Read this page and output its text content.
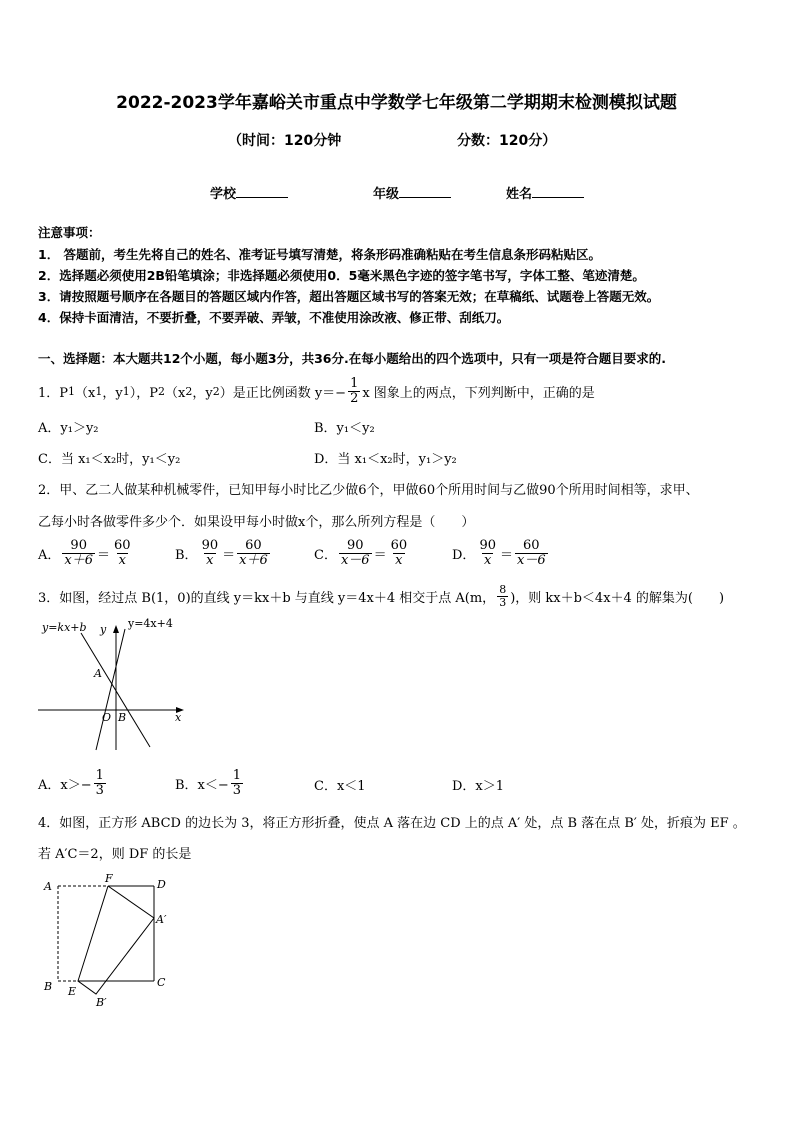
2022-2023学年嘉峪关市重点中学数学七年级第二学期期末检测模拟试题
（时间：120分钟	分数：120分）
学校	年级	姓名
注意事项：
1． 答题前，考生先将自己的姓名、准考证号填写清楚，将条形码准确粘贴在考生信息条形码粘贴区。
2．选择题必须使用2B铅笔填涂；非选择题必须使用0．5毫米黑色字迹的签字笔书写，字体工整、笔迹清楚。
3．请按照题号顺序在各题目的答题区域内作答，超出答题区域书写的答案无效；在草稿纸、试题卷上答题无效。
4．保持卡面清洁，不要折叠，不要弄破、弄皱，不准使用涂改液、修正带、刮纸刀。
一、选择题：本大题共12个小题，每小题3分，共36分.在每小题给出的四个选项中，只有一项是符合题目要求的.
1．P 1 （x 1 ，y 1 ），P 2 （x 2 ，y 2 ）是正比例函数 $y=- \frac{1}{2}$ x 图象上的两点，下列判断中，正确的是
A．y₁＞y₂	B．y₁＜y₂
C．当 x₁＜x₂时，y₁＜y₂	D．当 x₁＜x₂时，y₁＞y₂
2．甲、乙二人做某种机械零件，已知甲每小时比乙少做6个，甲做60个所用时间与乙做90个所用时间相等，求甲、
乙每小时各做零件多少个．如果设甲每小时做x个，那么所列方程是（　　）
A． $\frac{90}{x+6} = \frac{60}{x}$	B． $\frac{90}{x} = \frac{60}{x+6}$	C． $\frac{90}{x-6} = \frac{60}{x}$	D． $\frac{90}{x} = \frac{60}{x-6}$
3．如图，经过点 B(1，0)的直线 y＝kx＋b 与直线 y＝4x＋4 相交于点 A(m， $\frac{8}{3}$ )，则 kx＋b＜4x＋4 的解集为(　　)
y=kx+b y y=4x+4
A
O B	x
A．$x>- \frac{1}{3}$	B．$x<- \frac{1}{3}$	C．x＜1	D．x＞1
4．如图，正方形 ABCD 的边长为 3，将正方形折叠，使点 A 落在边 CD 上的点 A′ 处，点 B 落在点 B′ 处，折痕为 EF 。
若 A′C＝2，则 DF 的长是
A
F	D
A′
B E
C
B′
